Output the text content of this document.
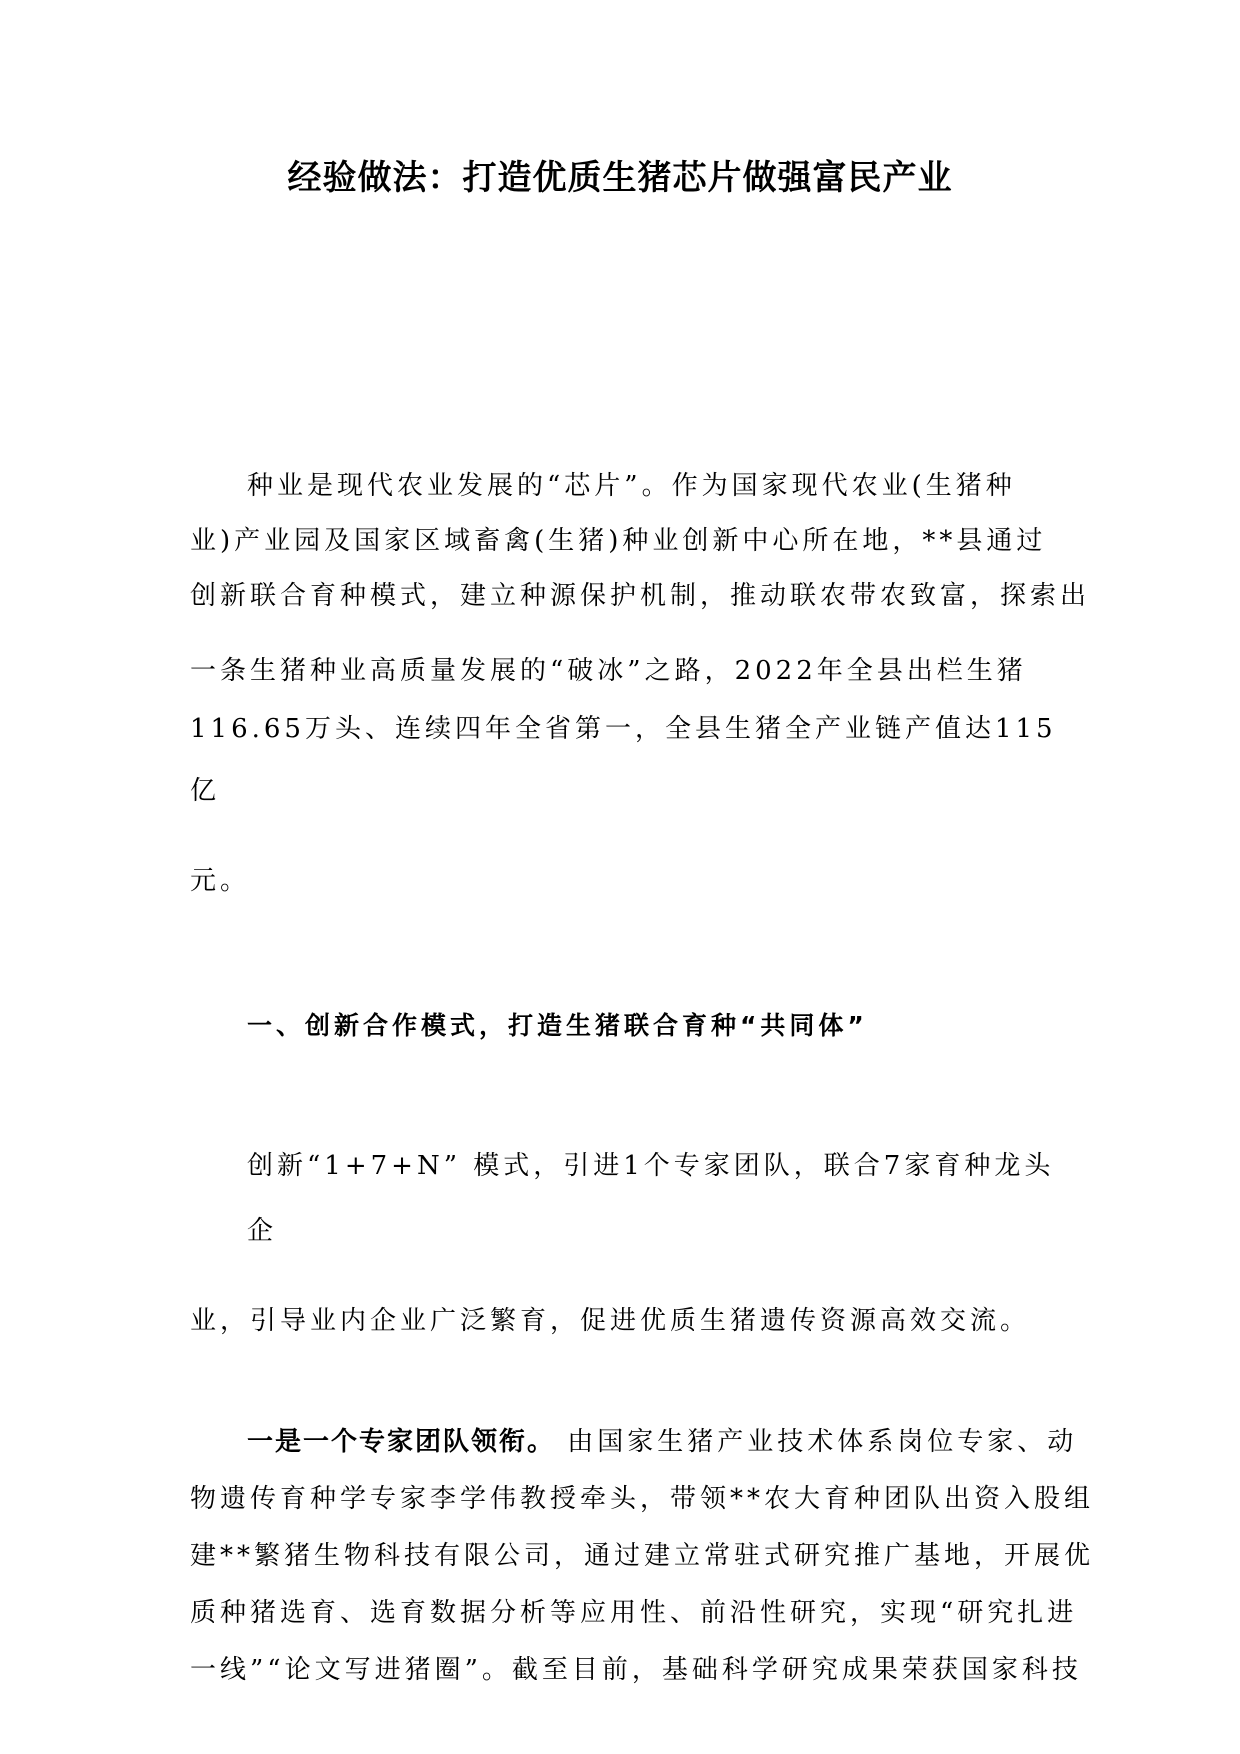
经验做法：打造优质生猪芯片做强富民产业
种业是现代农业发展的“芯片”。作为国家现代农业(生猪种
业)产业园及国家区域畜禽(生猪)种业创新中心所在地，**县通过
创新联合育种模式，建立种源保护机制，推动联农带农致富，探索出
一条生猪种业高质量发展的“破冰”之路，2022年全县出栏生猪
116.65万头、连续四年全省第一，全县生猪全产业链产值达115
亿
元。
一、创新合作模式，打造生猪联合育种“共同体”
创新“1+7+N” 模式，引进1个专家团队，联合7家育种龙头
企
业，引导业内企业广泛繁育，促进优质生猪遗传资源高效交流。
一是一个专家团队领衔。 由国家生猪产业技术体系岗位专家、动
物遗传育种学专家李学伟教授牵头，带领**农大育种团队出资入股组
建**繁猪生物科技有限公司，通过建立常驻式研究推广基地，开展优
质种猪选育、选育数据分析等应用性、前沿性研究，实现“研究扎进
一线”“论文写进猪圈”。截至目前，基础科学研究成果荣获国家科技
